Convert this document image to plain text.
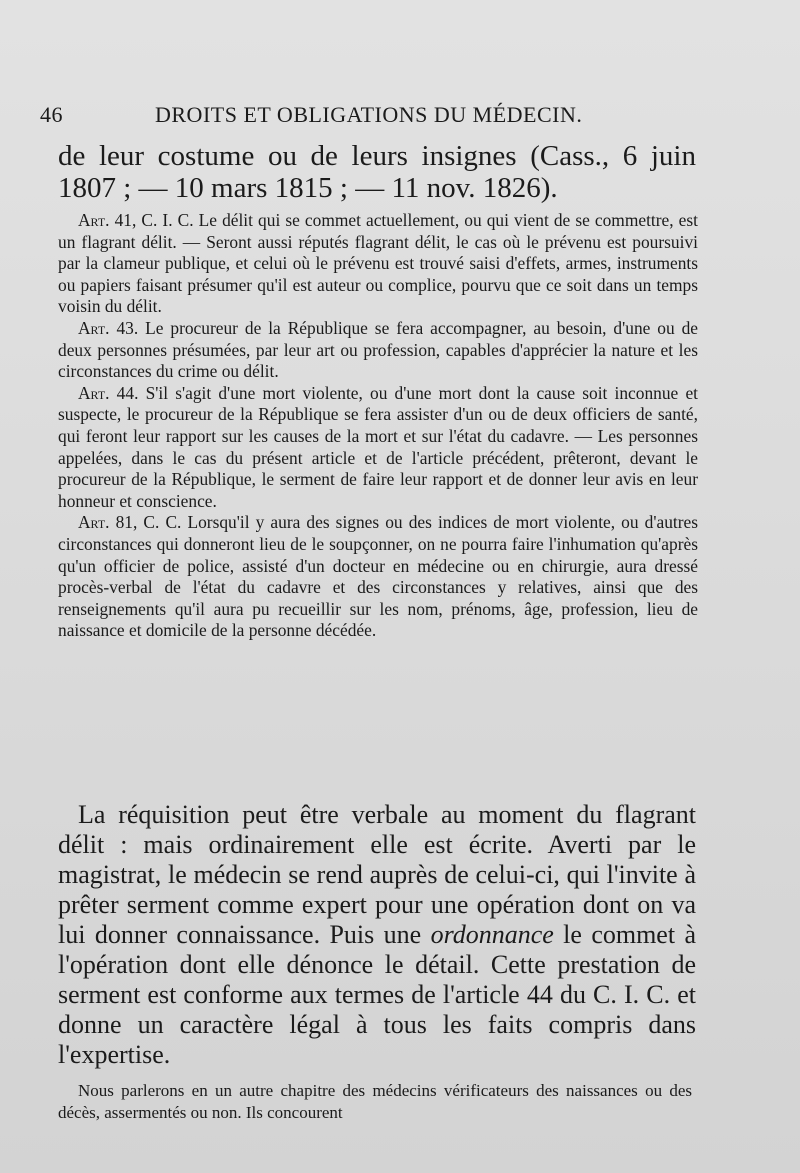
46	DROITS ET OBLIGATIONS DU MÉDECIN.
de leur costume ou de leurs insignes (Cass., 6 juin 1807 ; — 10 mars 1815 ; — 11 nov. 1826).

Art. 41, C. I. C. Le délit qui se commet actuellement, ou qui vient de se commettre, est un flagrant délit. — Seront aussi réputés flagrant délit, le cas où le prévenu est poursuivi par la clameur publique, et celui où le prévenu est trouvé saisi d'effets, armes, instruments ou papiers faisant présumer qu'il est auteur ou complice, pourvu que ce soit dans un temps voisin du délit.

Art. 43. Le procureur de la République se fera accompagner, au besoin, d'une ou de deux personnes présumées, par leur art ou profession, capables d'apprécier la nature et les circonstances du crime ou délit.

Art. 44. S'il s'agit d'une mort violente, ou d'une mort dont la cause soit inconnue et suspecte, le procureur de la République se fera assister d'un ou de deux officiers de santé, qui feront leur rapport sur les causes de la mort et sur l'état du cadavre. — Les personnes appelées, dans le cas du présent article et de l'article précédent, prêteront, devant le procureur de la République, le serment de faire leur rapport et de donner leur avis en leur honneur et conscience.

Art. 81, C. C. Lorsqu'il y aura des signes ou des indices de mort violente, ou d'autres circonstances qui donneront lieu de le soupçonner, on ne pourra faire l'inhumation qu'après qu'un officier de police, assisté d'un docteur en médecine ou en chirurgie, aura dressé procès-verbal de l'état du cadavre et des circonstances y relatives, ainsi que des renseignements qu'il aura pu recueillir sur les nom, prénoms, âge, profession, lieu de naissance et domicile de la personne décédée.

La réquisition peut être verbale au moment du flagrant délit : mais ordinairement elle est écrite. Averti par le magistrat, le médecin se rend auprès de celui-ci, qui l'invite à prêter serment comme expert pour une opération dont on va lui donner connaissance. Puis une ordonnance le commet à l'opération dont elle dénonce le détail. Cette prestation de serment est conforme aux termes de l'article 44 du C. I. C. et donne un caractère légal à tous les faits compris dans l'expertise.

Nous parlerons en un autre chapitre des médecins vérificateurs des naissances ou des décès, assermentés ou non. Ils concourent
